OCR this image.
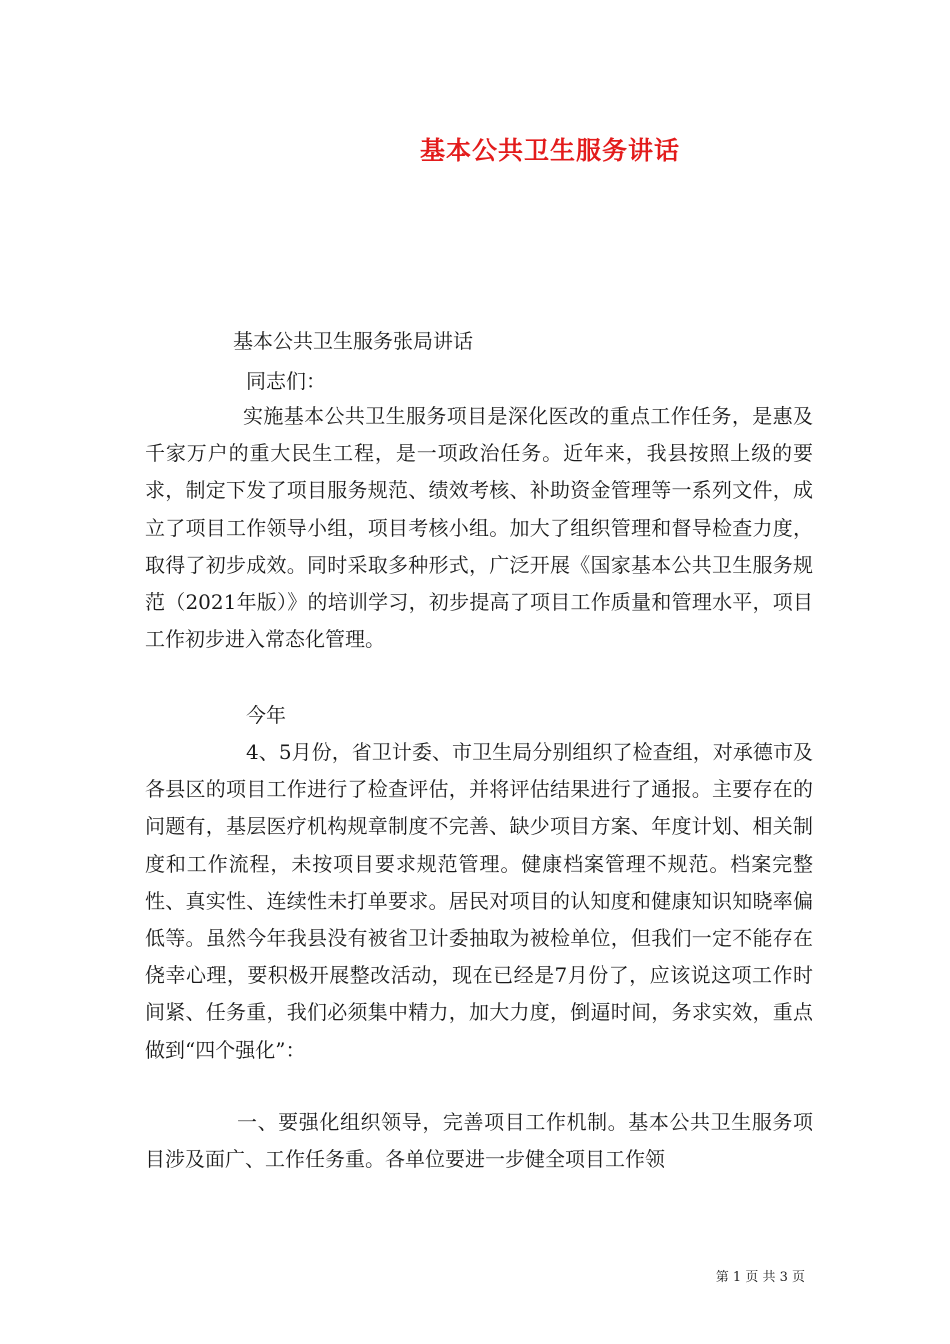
基本公共卫生服务讲话

基本公共卫生服务张局讲话

同志们：

实施基本公共卫生服务项目是深化医改的重点工作任务，是惠及千家万户的重大民生工程，是一项政治任务。近年来，我县按照上级的要求，制定下发了项目服务规范、绩效考核、补助资金管理等一系列文件，成立了项目工作领导小组，项目考核小组。加大了组织管理和督导检查力度，取得了初步成效。同时采取多种形式，广泛开展《国家基本公共卫生服务规范（2021年版）》的培训学习，初步提高了项目工作质量和管理水平，项目工作初步进入常态化管理。

今年

4、5月份，省卫计委、市卫生局分别组织了检查组，对承德市及各县区的项目工作进行了检查评估，并将评估结果进行了通报。主要存在的问题有，基层医疗机构规章制度不完善、缺少项目方案、年度计划、相关制度和工作流程，未按项目要求规范管理。健康档案管理不规范。档案完整性、真实性、连续性未打单要求。居民对项目的认知度和健康知识知晓率偏低等。虽然今年我县没有被省卫计委抽取为被检单位，但我们一定不能存在侥幸心理，要积极开展整改活动，现在已经是7月份了，应该说这项工作时间紧、任务重，我们必须集中精力，加大力度，倒逼时间，务求实效，重点做到“四个强化”：

一、要强化组织领导，完善项目工作机制。基本公共卫生服务项目涉及面广、工作任务重。各单位要进一步健全项目工作领

第 1 页 共 3 页
